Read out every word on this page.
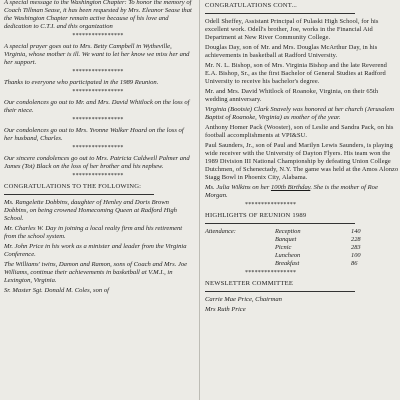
A special message to the Washington Chapter: To honor the memory of Coach Tillman Sease, it has been requested by Mrs. Eleanor Sease that the Washington Chapter remain active because of his love and dedication to C.T.I. and this organization

****************

A special prayer goes out to Mrs. Betty Campbell in Wytheville, Virginia, whose mother is ill. We want to let her know we miss her and her support.

****************

Thanks to everyone who participated in the 1989 Reunion.

****************

Our condolences go out to Mr. and Mrs. David Whitlock on the loss of their niece.

****************

Our condolences go out to Mrs. Yvonne Walker Hoard on the loss of her husband, Charles.

****************

Our sincere condolences go out to Mrs. Patricia Caldwell Palmer and James (Tot) Black on the loss of her brother and his nephew.

****************
CONGRATULATIONS TO THE FOLLOWING:

Ms. Rangelette Dobbins, daughter of Henley and Doris Brown Dobbins, on being crowned Homecoming Queen at Radford High School.

Mr. Charles W. Day in joining a local realty firm and his retirement from the school system.

Mr. John Price in his work as a minister and leader from the Virginia Conference.

The Williams' twins, Damon and Ramon, sons of Coach and Mrs. Joe Williams, continue their achievements in basketball at V.M.I., in Lexington, Virginia.

Sr. Master Sgt. Donald M. Coles, son of

CONGRATULATIONS CONT...

Odell Sheffey, Assistant Principal of Pulaski High School, for his excellent work. Odell's brother, Joe, works in the Financial Aid Department at New River Community College.

Douglas Day, son of Mr. and Mrs. Douglas McArthur Day, in his achievements in basketball at Radford University.

Mr. N. L. Bishop, son of Mrs. Virginia Bishop and the late Reverend E.A. Bishop, Sr., as the first Bachelor of General Studies at Radford University to receive his bachelor's degree.

Mr. and Mrs. David Whitlock of Roanoke, Virginia, on their 65th wedding anniversary.

Virginia (Bootsie) Clark Snavely was honored at her church (Jerusalem Baptist of Roanoke, Virginia) as mother of the year.

Anthony Homer Pack (Wooster), son of Leslie and Sandra Pack, on his football accomplishments at VPI&SU.

Paul Saunders, Jr., son of Paul and Marilyn Lewis Saunders, is playing wide receiver with the University of Dayton Flyers. His team won the 1989 Division III National Championship by defeating Union College Dutchmen, of Schenectady, N.Y. The game was held at the Amos Alonzo Stagg Bowl in Phoenix City, Alabama.

Ms. Julia Wilkins on her 100th Birthday. She is the mother of Roe Morgan.

****************
HIGHLIGHTS OF REUNION 1989
Attendance:	Reception	140
	Banquet	228
	Picnic	283
	Luncheon	100
	Breakfast	86
****************
NEWSLETTER COMMITTEE

Carrie Mae Price, Chairman

Mrs Ruth Price
